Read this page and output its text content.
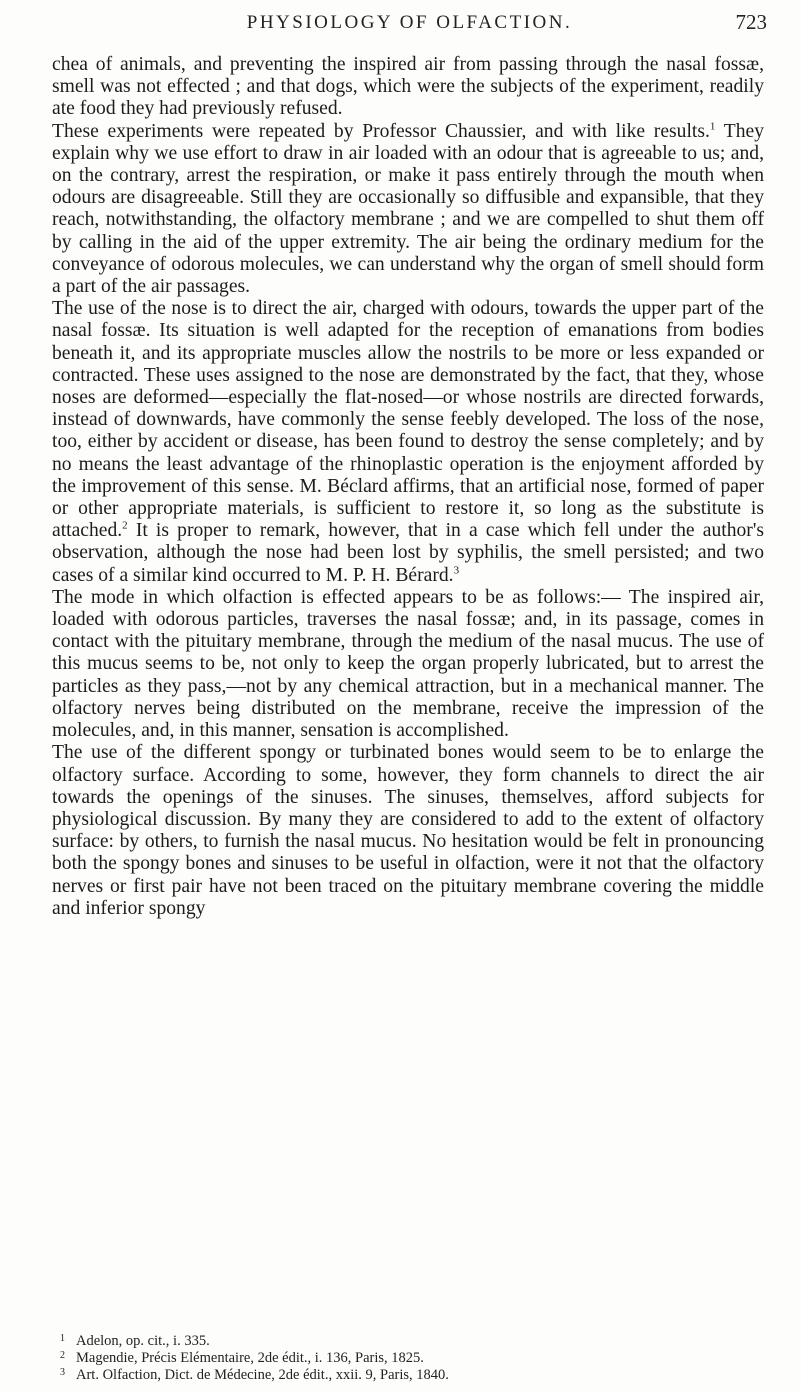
PHYSIOLOGY OF OLFACTION.	723

chea of animals, and preventing the inspired air from passing through the nasal fossæ, smell was not effected ; and that dogs, which were the subjects of the experiment, readily ate food they had previously refused.

These experiments were repeated by Professor Chaussier, and with like results.$^1$ They explain why we use effort to draw in air loaded with an odour that is agreeable to us; and, on the contrary, arrest the respiration, or make it pass entirely through the mouth when odours are disagreeable. Still they are occasionally so diffusible and expansible, that they reach, notwithstanding, the olfactory membrane ; and we are compelled to shut them off by calling in the aid of the upper extremity. The air being the ordinary medium for the conveyance of odorous molecules, we can understand why the organ of smell should form a part of the air passages.

The use of the nose is to direct the air, charged with odours, towards the upper part of the nasal fossæ. Its situation is well adapted for the reception of emanations from bodies beneath it, and its appropriate muscles allow the nostrils to be more or less expanded or contracted. These uses assigned to the nose are demonstrated by the fact, that they, whose noses are deformed—especially the flat-nosed—or whose nostrils are directed forwards, instead of downwards, have commonly the sense feebly developed. The loss of the nose, too, either by accident or disease, has been found to destroy the sense completely; and by no means the least advantage of the rhinoplastic operation is the enjoyment afforded by the improvement of this sense. M. Béclard affirms, that an artificial nose, formed of paper or other appropriate materials, is sufficient to restore it, so long as the substitute is attached.$^2$ It is proper to remark, however, that in a case which fell under the author's observation, although the nose had been lost by syphilis, the smell persisted; and two cases of a similar kind occurred to M. P. H. Bérard.$^3$

The mode in which olfaction is effected appears to be as follows:— The inspired air, loaded with odorous particles, traverses the nasal fossæ; and, in its passage, comes in contact with the pituitary membrane, through the medium of the nasal mucus. The use of this mucus seems to be, not only to keep the organ properly lubricated, but to arrest the particles as they pass,—not by any chemical attraction, but in a mechanical manner. The olfactory nerves being distributed on the membrane, receive the impression of the molecules, and, in this manner, sensation is accomplished.

The use of the different spongy or turbinated bones would seem to be to enlarge the olfactory surface. According to some, however, they form channels to direct the air towards the openings of the sinuses. The sinuses, themselves, afford subjects for physiological discussion. By many they are considered to add to the extent of olfactory surface: by others, to furnish the nasal mucus. No hesitation would be felt in pronouncing both the spongy bones and sinuses to be useful in olfaction, were it not that the olfactory nerves or first pair have not been traced on the pituitary membrane covering the middle and inferior spongy

1 Adelon, op. cit., i. 335.
2 Magendie, Précis Elémentaire, 2de édit., i. 136, Paris, 1825.
3 Art. Olfaction, Dict. de Médecine, 2de édit., xxii. 9, Paris, 1840.
